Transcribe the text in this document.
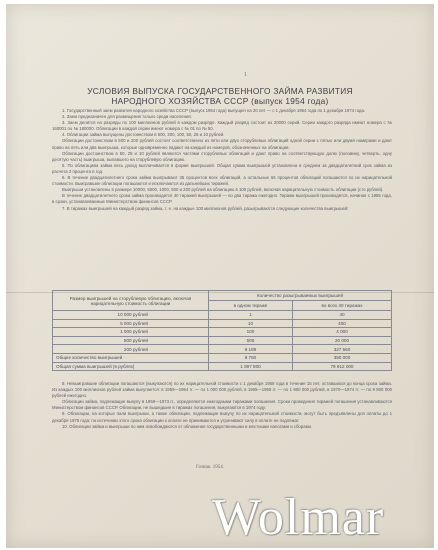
1
УСЛОВИЯ ВЫПУСКА ГОСУДАРСТВЕННОГО ЗАЙМА РАЗВИТИЯ
НАРОДНОГО ХОЗЯЙСТВА СССР (выпуск 1954 года)

1. Государственный заем развития народного хозяйства СССР (выпуск 1954 года) выпущен на 20 лет — с 1 декабря 1954 года по 1 декабря 1974 года.

2. Заем предназначен для размещения только среди населения.

3. Заем делится на разряды по 100 миллионов рублей в каждом разряде. Каждый разряд состоит из 20000 серий. Серии каждого разряда имеют номера с № 160001 по № 180000. Облигации в каждой серии имеют номера с № 01 по № 50.

4. Облигации займа выпущены достоинством в 500, 200, 100, 50, 25 и 10 рублей.

Облигации достоинством в 500 и 200 рублей состоят соответственно из пяти или двух сторублевых облигаций одной серии с пятью или двумя номерами и дают право на пять или два выигрыша, которые одновременно падают на каждый из номеров, обозначенных на облигации.

Облигации достоинством в 50, 25 и 10 рублей являются частями сторублевых облигаций и дают право на соответствующую долю (половину, четверть, одну десятую часть) выигрыша, выпавшего на сторублевую облигацию.

5. По облигациям займа весь доход выплачивается в форме выигрышей. Общая сумма выигрышей установлена в среднем за двадцатилетний срок займа из расчета 3 процента в год.

6. В течение двадцатилетнего срока займа выигрывают 35 процентов всех облигаций, а остальные 65 процентов облигаций погашаются по их нарицательной стоимости. Выигравшие облигации погашаются и исключаются из дальнейших тиражей.

Выигрыши установлены в размере 10000, 5000, 1000, 500 и 200 рублей на облигацию в 100 рублей, включая нарицательную стоимость облигации (сто рублей).

В течение двадцатилетнего срока займа производится 40 тиражей выигрышей — по два тиража ежегодно. Тиражи выигрышей производятся, начиная с 1955 года, в сроки, устанавливаемые Министерством финансов СССР.

7. В тиражах выигрышей на каждый разряд займа, т. е. на каждые 100 миллионов рублей, разыгрываются следующие количества выигрышей:

Размер выигрышей на сторублевую облигацию, включая нарицательную стоимость облигации	Количество разыгрываемых выигрышей	
	в одном тираже	во всех 40 тиражах
10 000 рублей	1	40
5 000 рублей	10	400
1 000 рублей	100	4 000
500 рублей	500	20 000
200 рублей	8 189	327 560
Общее количество выигрышей	8 780	350 000
Общая сумма выигрышей (в рублях)	1 997 800	79 912 000

8. Невыигравшие облигации погашаются (выкупаются) по их нарицательной стоимости с 1 декабря 1959 года в течение 15 лет, оставшихся до конца срока займа. Из каждых 100 миллионов рублей займа выкупается: в 1959—1964 гг. — по 1 000 000 рублей, в 1965—1969 гг. — по 1 900 000 рублей, в 1970—1974 гг. — по 9 800 000 рублей ежегодно.

Облигации займа, подлежащие выкупу в 1959—1973 гг., определяются ежегодными тиражами погашения. Сроки проведения тиражей погашения устанавливаются Министерством финансов СССР. Облигации, не вышедшие в тиражах погашения, выкупаются в 1974 году.

9. Облигации, на которые пали выигрыши, а также облигации, подлежащие выкупу по их нарицательной стоимости, могут быть предъявлены для оплаты до 1 декабря 1975 года; по истечении этого срока облигации к оплате не принимаются и утрачивают силу в оплате не подлежат.

10. Облигации займа и выигрыши по ним освобождаются от обложения государственными и местными налогами и сборами.

Гознак. 1954.
Wolmar
